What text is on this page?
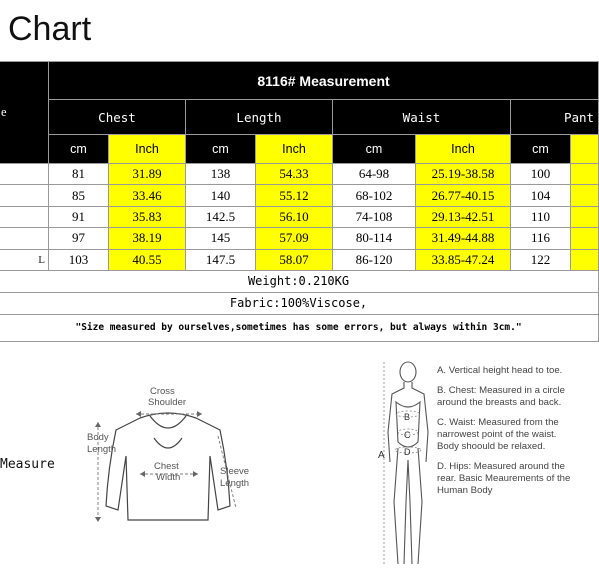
Chart
e	8116# Measurement							
	Chest		Length		Waist		Pant	
	cm	Inch	cm	Inch	cm	Inch	cm	
	81	31.89	138	54.33	64-98	25.19-38.58	100	
	85	33.46	140	55.12	68-102	26.77-40.15	104	
	91	35.83	142.5	56.10	74-108	29.13-42.51	110	
	97	38.19	145	57.09	80-114	31.49-44.88	116	
L	103	40.55	147.5	58.07	86-120	33.85-47.24	122	
Weight:0.210KG								
Fabric:100%Viscose,								
"Size measured by ourselves,sometimes has some errors, but always within 3cm."								
Measure
Cross
Shoulder
Body
Length
Chest
Width
Sleeve
Length
A
B
C
D
A. Vertical height head to toe.
B. Chest: Measured in a circle around the breasts and back.
C. Waist: Measured from the narrowest point of the waist. Body shoould be relaxed.
D. Hips: Measured around the rear. Basic Meaurements of the Human Body
